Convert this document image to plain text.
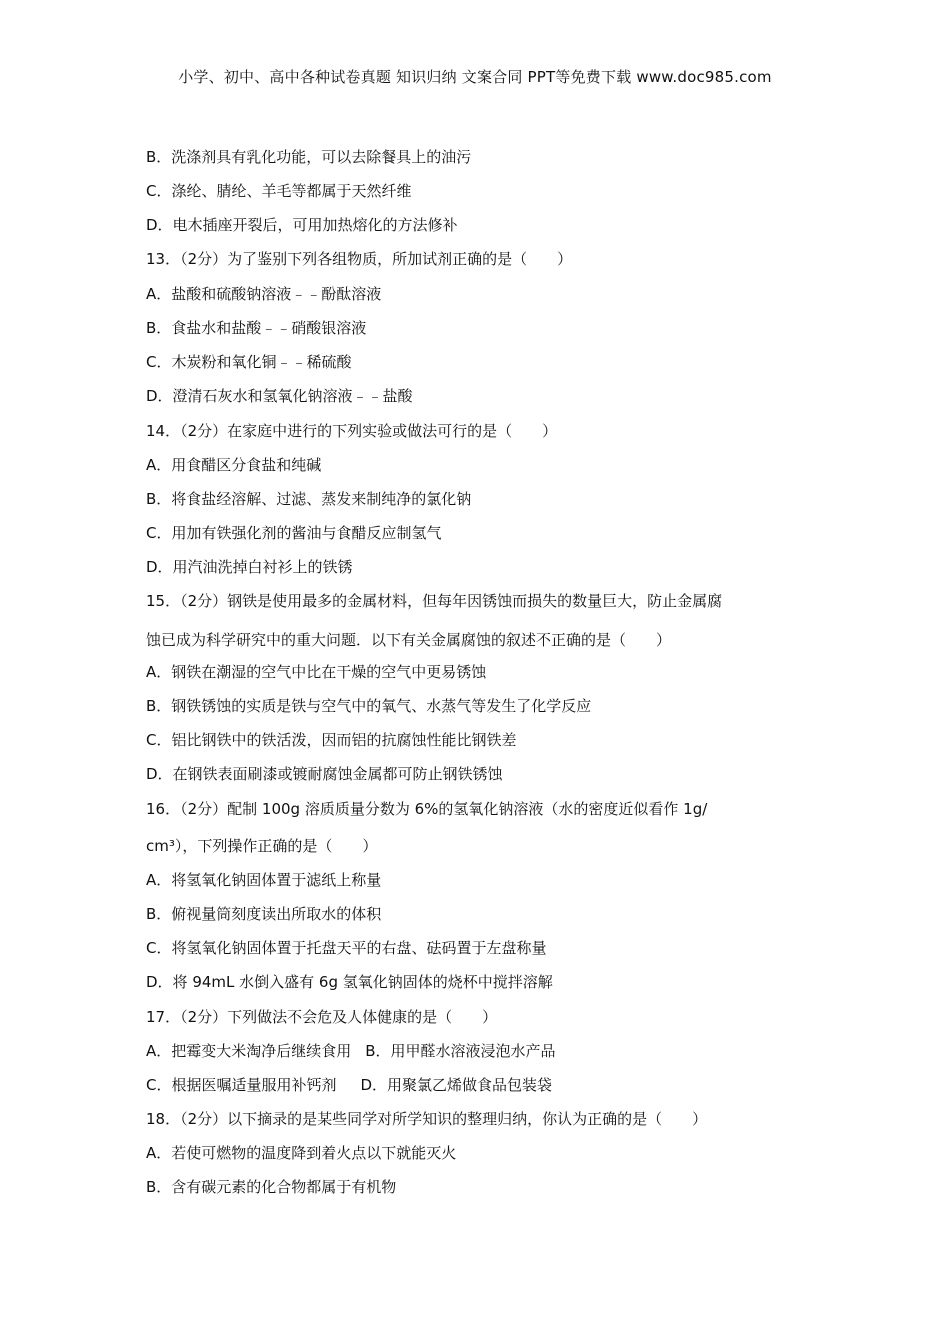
小学、初中、高中各种试卷真题 知识归纳 文案合同 PPT等免费下载 www.doc985.com
B．洗涤剂具有乳化功能，可以去除餐具上的油污
C．涤纶、腈纶、羊毛等都属于天然纤维
D．电木插座开裂后，可用加热熔化的方法修补
13．（2分）为了鉴别下列各组物质，所加试剂正确的是（　　）
A．盐酸和硫酸钠溶液﹣﹣酚酞溶液
B．食盐水和盐酸﹣﹣硝酸银溶液
C．木炭粉和氧化铜﹣﹣稀硫酸
D．澄清石灰水和氢氧化钠溶液﹣﹣盐酸
14．（2分）在家庭中进行的下列实验或做法可行的是（　　）
A．用食醋区分食盐和纯碱
B．将食盐经溶解、过滤、蒸发来制纯净的氯化钠
C．用加有铁强化剂的酱油与食醋反应制氢气
D．用汽油洗掉白衬衫上的铁锈
15．（2分）钢铁是使用最多的金属材料，但每年因锈蚀而损失的数量巨大，防止金属腐
蚀已成为科学研究中的重大问题．以下有关金属腐蚀的叙述不正确的是（　　）
A．钢铁在潮湿的空气中比在干燥的空气中更易锈蚀
B．钢铁锈蚀的实质是铁与空气中的氧气、水蒸气等发生了化学反应
C．铝比钢铁中的铁活泼，因而铝的抗腐蚀性能比钢铁差
D．在钢铁表面刷漆或镀耐腐蚀金属都可防止钢铁锈蚀
16．（2分）配制 100g 溶质质量分数为 6%的氢氧化钠溶液（水的密度近似看作 1g/
cm³），下列操作正确的是（　　）
A．将氢氧化钠固体置于滤纸上称量
B．俯视量筒刻度读出所取水的体积
C．将氢氧化钠固体置于托盘天平的右盘、砝码置于左盘称量
D．将 94mL 水倒入盛有 6g 氢氧化钠固体的烧杯中搅拌溶解
17．（2分）下列做法不会危及人体健康的是（　　）
A．把霉变大米淘净后继续食用 B．用甲醛水溶液浸泡水产品
C．根据医嘱适量服用补钙剂 D．用聚氯乙烯做食品包装袋
18．（2分）以下摘录的是某些同学对所学知识的整理归纳，你认为正确的是（　　）
A．若使可燃物的温度降到着火点以下就能灭火
B．含有碳元素的化合物都属于有机物
